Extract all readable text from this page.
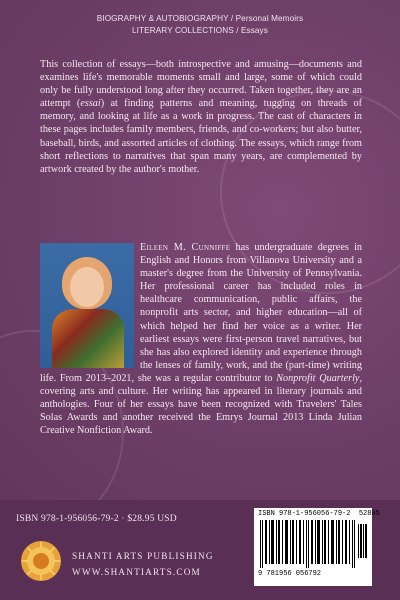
BIOGRAPHY & AUTOBIOGRAPHY / Personal Memoirs
LITERARY COLLECTIONS / Essays

This collection of essays—both introspective and amusing—documents and examines life's memorable moments small and large, some of which could only be fully understood long after they occurred. Taken together, they are an attempt (essai) at finding patterns and meaning, tugging on threads of memory, and looking at life as a work in progress. The cast of characters in these pages includes family members, friends, and co-workers; but also butter, baseball, birds, and assorted articles of clothing. The essays, which range from short reflections to narratives that span many years, are complemented by artwork created by the author's mother.

Eileen M. Cunniffe has undergraduate degrees in English and Honors from Villanova University and a master's degree from the University of Pennsylvania. Her professional career has included roles in healthcare communication, public affairs, the nonprofit arts sector, and higher education—all of which helped her find her voice as a writer. Her earliest essays were first-person travel narratives, but she has also explored identity and experience through the lenses of family, work, and the (part-time) writing life. From 2013–2021, she was a regular contributor to Nonprofit Quarterly, covering arts and culture. Her writing has appeared in literary journals and anthologies. Four of her essays have been recognized with Travelers' Tales Solas Awards and another received the Emrys Journal 2013 Linda Julian Creative Nonfiction Award.
ISBN 978-1-956056-79-2 · $28.95 USD
SHANTI ARTS PUBLISHING
WWW.SHANTIARTS.COM
ISBN 978-1-956056-79-2 52895
9 781956 056792
